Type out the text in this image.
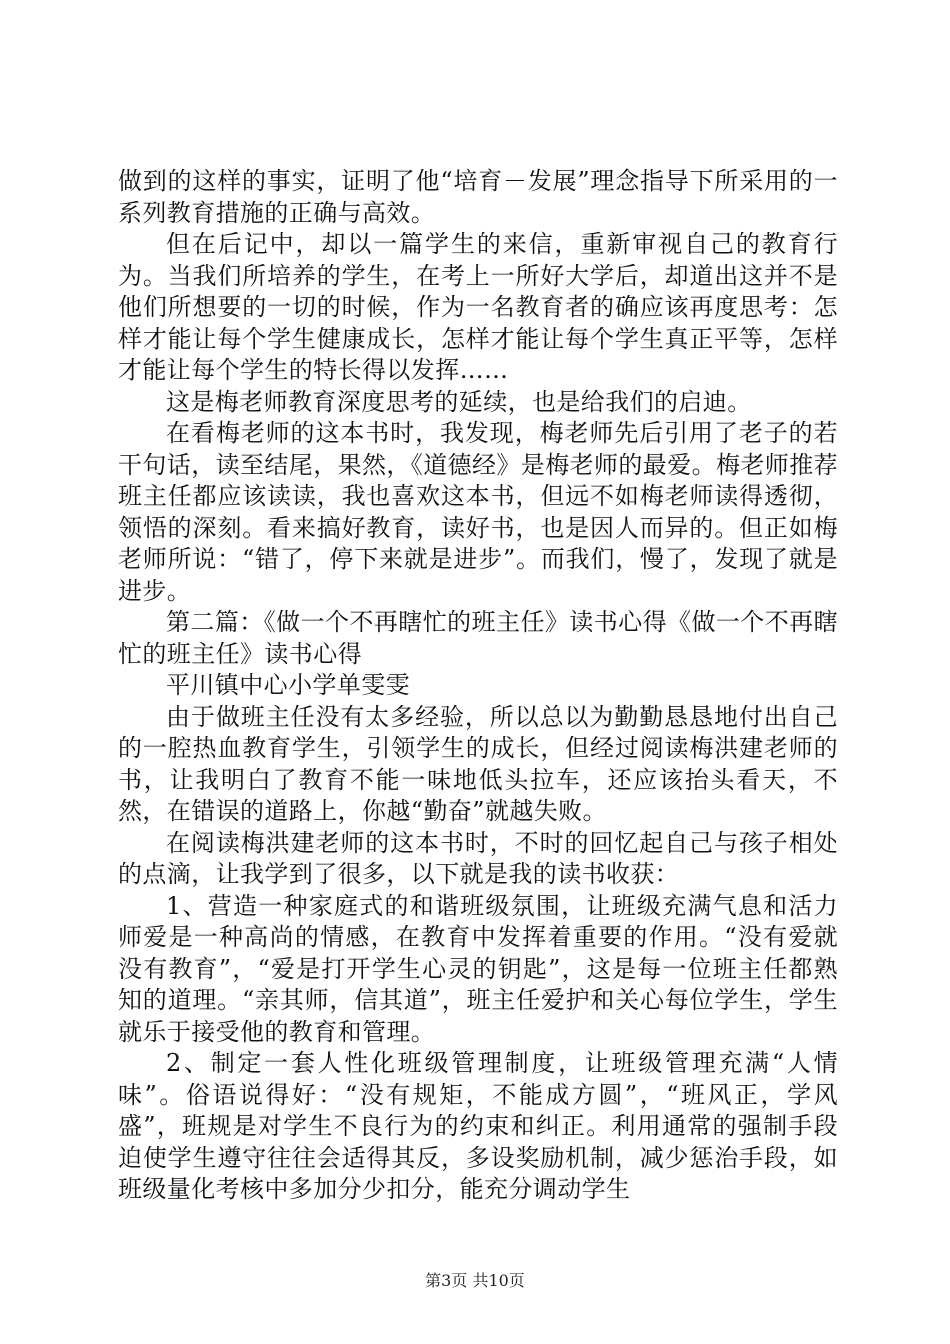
做到的这样的事实，证明了他“培育－发展”理念指导下所采用的一系列教育措施的正确与高效。

但在后记中，却以一篇学生的来信，重新审视自己的教育行为。当我们所培养的学生，在考上一所好大学后，却道出这并不是他们所想要的一切的时候，作为一名教育者的确应该再度思考：怎样才能让每个学生健康成长，怎样才能让每个学生真正平等，怎样才能让每个学生的特长得以发挥……

这是梅老师教育深度思考的延续，也是给我们的启迪。

在看梅老师的这本书时，我发现，梅老师先后引用了老子的若干句话，读至结尾，果然，《道德经》是梅老师的最爱。梅老师推荐班主任都应该读读，我也喜欢这本书，但远不如梅老师读得透彻，领悟的深刻。看来搞好教育，读好书，也是因人而异的。但正如梅老师所说：“错了，停下来就是进步”。而我们，慢了，发现了就是进步。

第二篇：《做一个不再瞎忙的班主任》读书心得《做一个不再瞎忙的班主任》读书心得

平川镇中心小学单雯雯

由于做班主任没有太多经验，所以总以为勤勤恳恳地付出自己的一腔热血教育学生，引领学生的成长，但经过阅读梅洪建老师的书，让我明白了教育不能一味地低头拉车，还应该抬头看天，不然，在错误的道路上，你越“勤奋”就越失败。

在阅读梅洪建老师的这本书时，不时的回忆起自己与孩子相处的点滴，让我学到了很多，以下就是我的读书收获：

1、营造一种家庭式的和谐班级氛围，让班级充满气息和活力师爱是一种高尚的情感，在教育中发挥着重要的作用。“没有爱就没有教育”，“爱是打开学生心灵的钥匙”，这是每一位班主任都熟知的道理。“亲其师，信其道”，班主任爱护和关心每位学生，学生就乐于接受他的教育和管理。

2、制定一套人性化班级管理制度，让班级管理充满“人情味”。俗语说得好：“没有规矩，不能成方圆”，“班风正，学风盛”，班规是对学生不良行为的约束和纠正。利用通常的强制手段迫使学生遵守往往会适得其反，多设奖励机制，减少惩治手段，如班级量化考核中多加分少扣分，能充分调动学生

第3页 共10页
